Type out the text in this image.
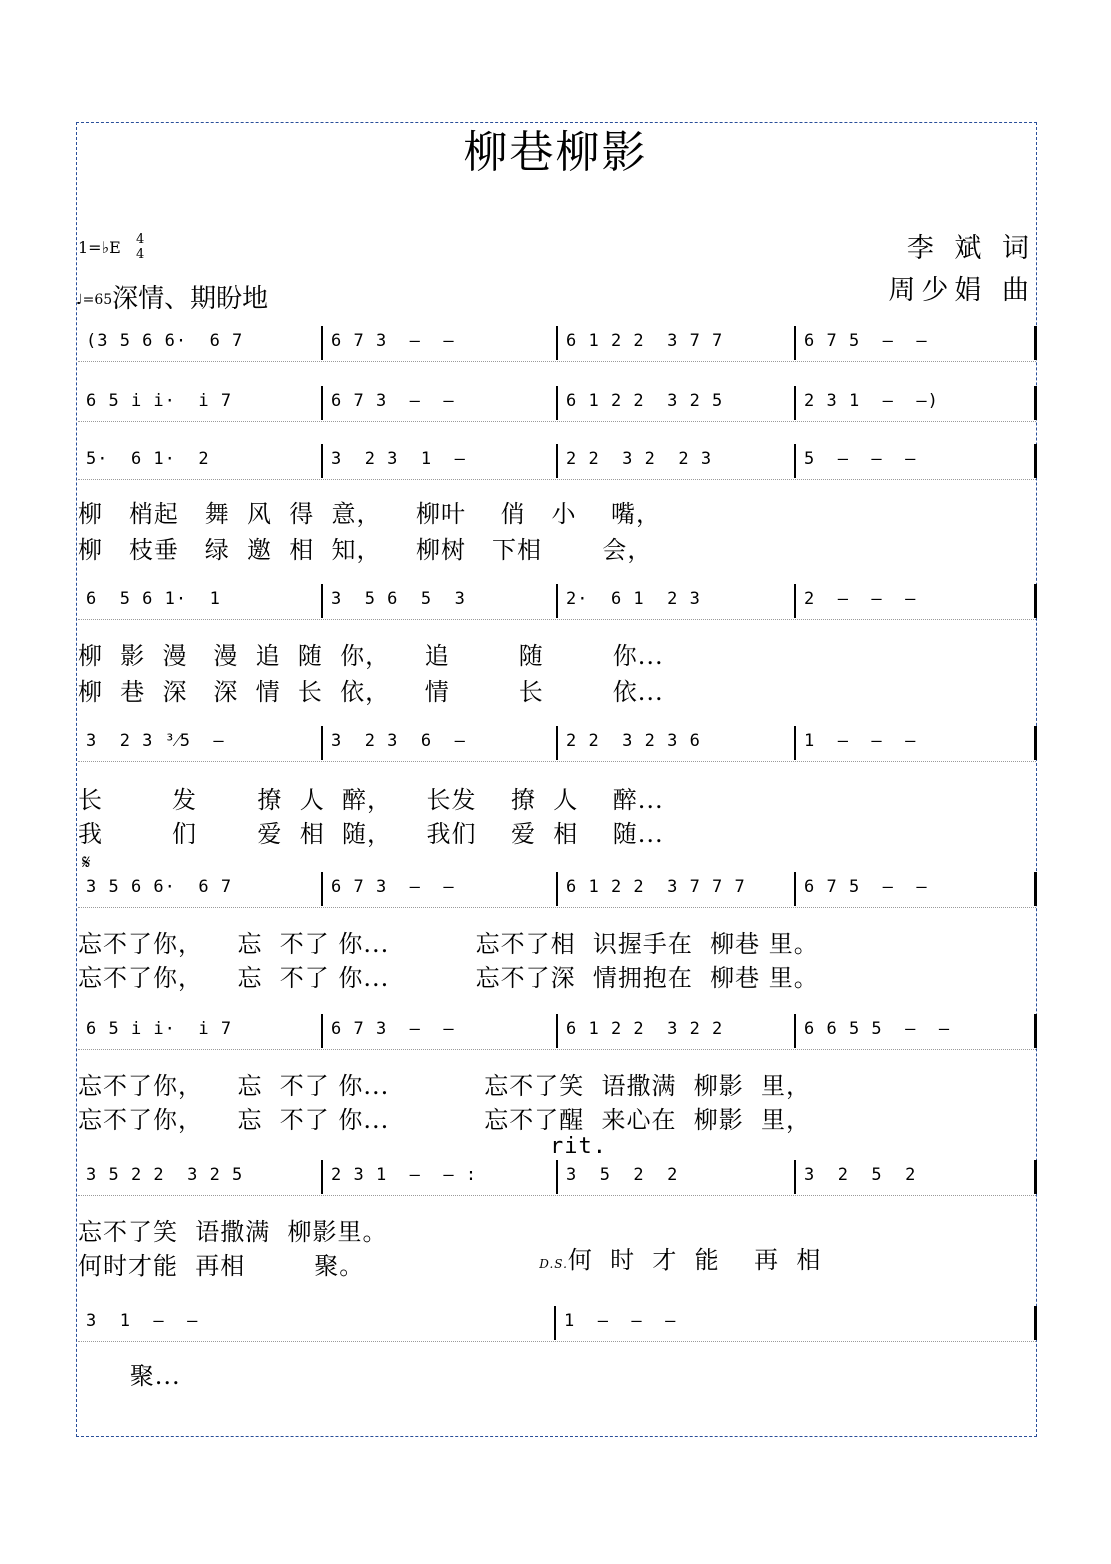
柳巷柳影
1=♭E 4
4
♩=65深情、期盼地
李 斌 词
周少娟 曲
𝄋
rit.
(3 5 6 6·  6 7	6 7 3  –  –	6 1 2 2  3 7 7	6 7 5  –  –
6 5 i i·  i 7	6 7 3  –  –	6 1 2 2  3 2 5	2 3 1  –  –)
5·  6 1·  2	3  2 3  1  –	2 2  3 2  2 3	5  –  –  –
6  5 6 1·  1	3  5 6  5  3	2·  6 1  2 3	2  –  –  –
3  2 3 ³⁄5  –	3  2 3  6  –	2 2  3 2 3 6	1  –  –  –
3 5 6 6·  6 7	6 7 3  –  –	6 1 2 2  3 7 7 7	6 7 5  –  –
6 5 i i·  i 7	6 7 3  –  –	6 1 2 2  3 2 2	6 6 5 5  –  –
3 5 2 2  3 2 5	2 3 1  –  – :	3  5  2  2	3  2  5  2
3  1  –  –	1  –  –  –
柳   梢起   舞  风  得  意，    柳叶    俏   小    嘴，
柳   枝垂   绿  邀  相  知，    柳树   下相       会，
柳  影  漫   漫  追  随  你，    追        随        你...
柳  巷  深   深  情  长  依，    情        长        依...
长        发       撩  人  醉，    长发    撩  人    醉...
我        们       爱  相  随，    我们    爱  相    随...
忘不了你，    忘  不了 你...          忘不了相  识握手在  柳巷 里。
忘不了你，    忘  不了 你...          忘不了深  情拥抱在  柳巷 里。
忘不了你，    忘  不了 你...           忘不了笑  语撒满  柳影  里，
忘不了你，    忘  不了 你...           忘不了醒  来心在  柳影  里，
忘不了笑  语撒满  柳影里。
何时才能  再相        聚。
聚...

D.S.何  时  才  能    再  相
